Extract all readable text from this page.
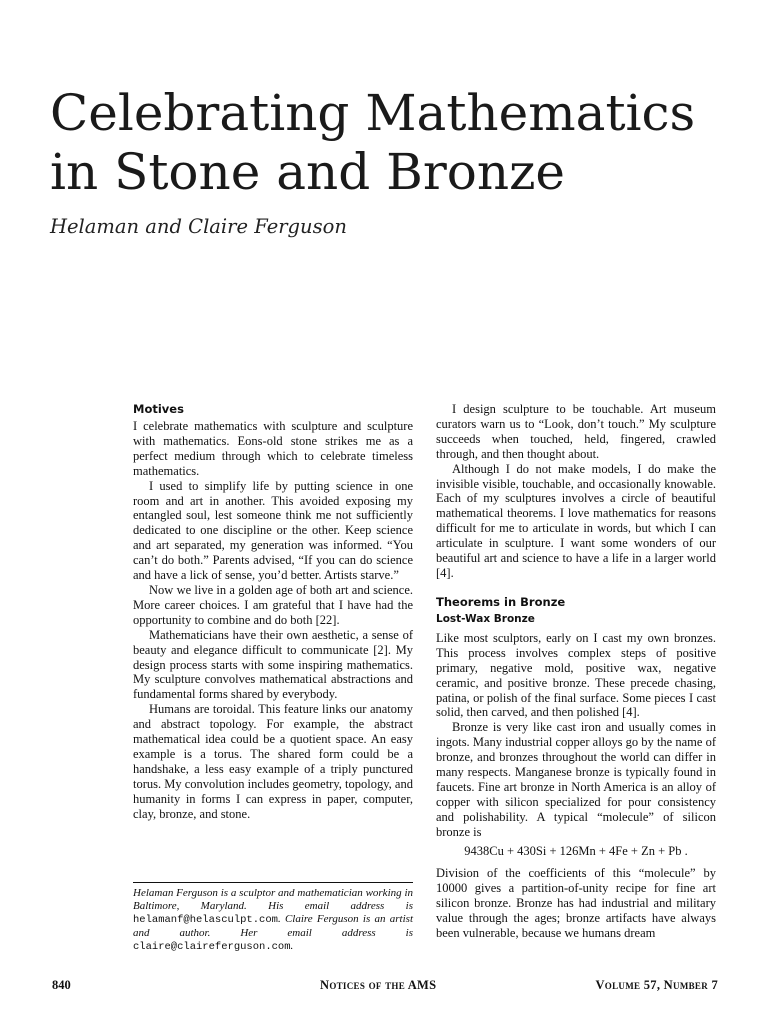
Celebrating Mathematics
in Stone and Bronze
Helaman and Claire Ferguson
Motives

I celebrate mathematics with sculpture and sculpture with mathematics. Eons-old stone strikes me as a perfect medium through which to celebrate timeless mathematics.

I used to simplify life by putting science in one room and art in another. This avoided exposing my entangled soul, lest someone think me not sufficiently dedicated to one discipline or the other. Keep science and art separated, my generation was informed. “You can’t do both.” Parents advised, “If you can do science and have a lick of sense, you’d better. Artists starve.”

Now we live in a golden age of both art and science. More career choices. I am grateful that I have had the opportunity to combine and do both [22].

Mathematicians have their own aesthetic, a sense of beauty and elegance difficult to communicate [2]. My design process starts with some inspiring mathematics. My sculpture convolves mathematical abstractions and fundamental forms shared by everybody.

Humans are toroidal. This feature links our anatomy and abstract topology. For example, the abstract mathematical idea could be a quotient space. An easy example is a torus. The shared form could be a handshake, a less easy example of a triply punctured torus. My convolution includes geometry, topology, and humanity in forms I can express in paper, computer, clay, bronze, and stone.

Helaman Ferguson is a sculptor and mathematician working in Baltimore, Maryland. His email address is helamanf@helasculpt.com. Claire Ferguson is an artist and author. Her email address is claire@claireferguson.com.

I design sculpture to be touchable. Art museum curators warn us to “Look, don’t touch.” My sculpture succeeds when touched, held, fingered, crawled through, and then thought about.

Although I do not make models, I do make the invisible visible, touchable, and occasionally knowable. Each of my sculptures involves a circle of beautiful mathematical theorems. I love mathematics for reasons difficult for me to articulate in words, but which I can articulate in sculpture. I want some wonders of our beautiful art and science to have a life in a larger world [4].

Theorems in Bronze
Lost-Wax Bronze

Like most sculptors, early on I cast my own bronzes. This process involves complex steps of positive primary, negative mold, positive wax, negative ceramic, and positive bronze. These precede chasing, patina, or polish of the final surface. Some pieces I cast solid, then carved, and then polished [4].

Bronze is very like cast iron and usually comes in ingots. Many industrial copper alloys go by the name of bronze, and bronzes throughout the world can differ in many respects. Manganese bronze is typically found in faucets. Fine art bronze in North America is an alloy of copper with silicon specialized for pour consistency and polishability. A typical “molecule” of silicon bronze is

9438Cu + 430Si + 126Mn + 4Fe + Zn + Pb .

Division of the coefficients of this “molecule” by 10000 gives a partition-of-unity recipe for fine art silicon bronze. Bronze has had industrial and military value through the ages; bronze artifacts have always been vulnerable, because we humans dream

840	Notices of the AMS	Volume 57, Number 7
